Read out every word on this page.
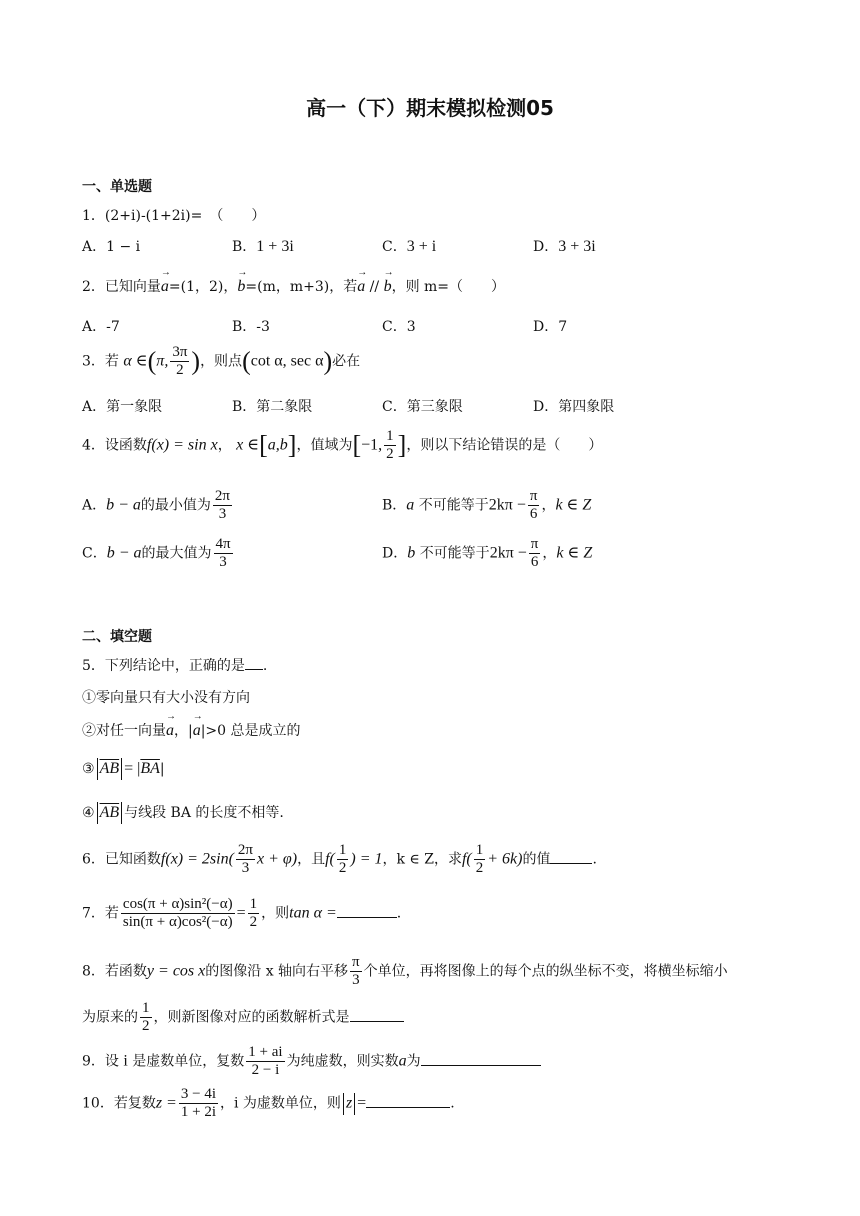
高一（下）期末模拟检测05
一、单选题
1．(2+i)-(1+2i)=　（　　）
A．1 − i	B．1 + 3i	C．3 + i	D．3 + 3i
2．已知向量→ a=(1，2)，→ b=(m，m+3)，若→ a // → b，则 m=（　　）
A．-7	B．-3	C．3	D．7
3．若 α ∈(π, $\frac{3\pi}{2}$ )，则点(cot α, sec α)必在
A．第一象限	B．第二象限	C．第三象限	D．第四象限
4．设函数f(x) = sin x， x ∈[a,b]，值域为[−1, $\frac{1}{2}$ ]，则以下结论错误的是（　　）
A．b − a的最小值为 $\frac{2\pi}{3}$	B．a 不可能等于$2k\pi - \frac{\pi}{6}$ ，k ∈ Z
C．b − a的最大值为 $\frac{4\pi}{3}$	D．b 不可能等于$2k\pi - \frac{\pi}{6}$ ，k ∈ Z
二、填空题
5．下列结论中，正确的是 .
①零向量只有大小没有方向
②对任一向量→ a，|→ a|>0 总是成立的
③ $\overline{AB} = |\overline{BA}|$
④ $\overline{AB}$ 与线段 BA 的长度不相等.
6．已知函数$f(x) = 2\sin( \frac{2\pi}{3}$ x + φ)，且$f( \frac{1}{2}$ ) = 1，k ∈ Z，求$f( \frac{1}{2} + 6k)$的值	.
7．若 $\frac{\text{cos(π + α)sin²(−α)}}{\text{sin(π + α)cos²(−α)}} = \frac{1}{2}$ ，则tan α =	.
8．若函数y = cos x的图像沿 x 轴向右平移 $\frac{\pi}{3}$ 个单位，再将图像上的每个点的纵坐标不变，将横坐标缩小
为原来的 $\frac{1}{2}$ ，则新图像对应的函数解析式是
9．设 i 是虚数单位，复数 $\frac{1 + ai}{2 - i}$ 为纯虚数，则实数a为
10．若复数$z = \frac{3 - 4i}{1 + 2i}$ ，i 为虚数单位，则 z =	.
